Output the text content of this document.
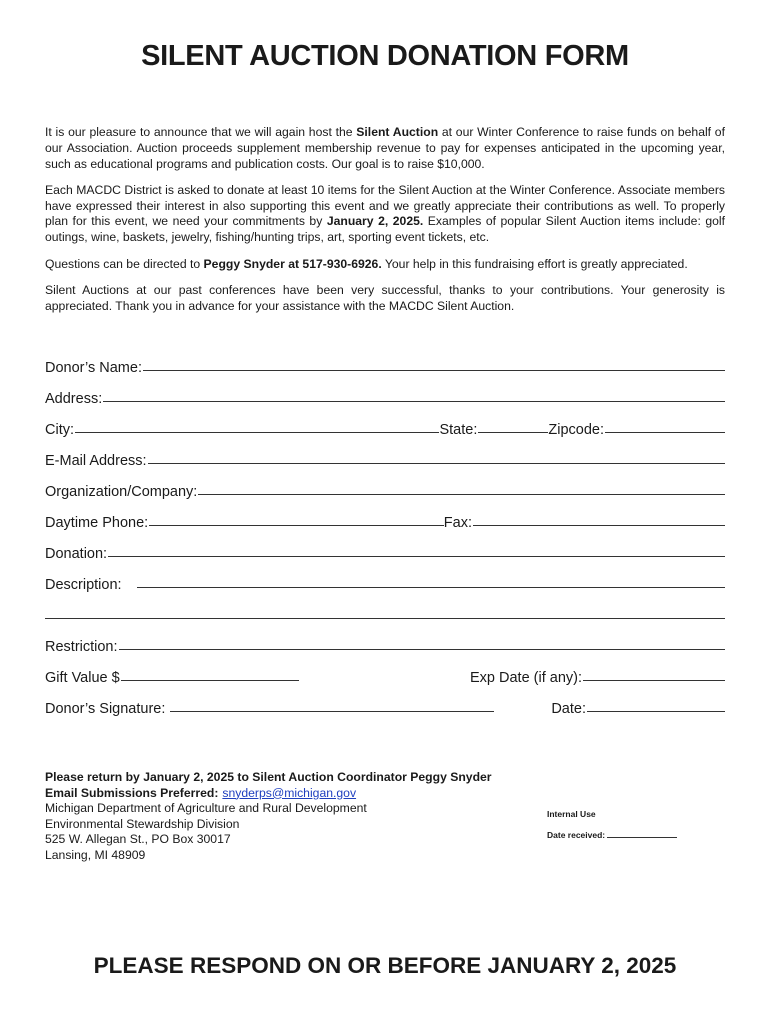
SILENT AUCTION DONATION FORM

It is our pleasure to announce that we will again host the Silent Auction at our Winter Conference to raise funds on behalf of our Association. Auction proceeds supplement membership revenue to pay for expenses anticipated in the upcoming year, such as educational programs and publication costs. Our goal is to raise $10,000.

Each MACDC District is asked to donate at least 10 items for the Silent Auction at the Winter Conference. Associate members have expressed their interest in also supporting this event and we greatly appreciate their contributions as well. To properly plan for this event, we need your commitments by January 2, 2025. Examples of popular Silent Auction items include: golf outings, wine, baskets, jewelry, fishing/hunting trips, art, sporting event tickets, etc.

Questions can be directed to Peggy Snyder at 517-930-6926. Your help in this fundraising effort is greatly appreciated.

Silent Auctions at our past conferences have been very successful, thanks to your contributions. Your generosity is appreciated. Thank you in advance for your assistance with the MACDC Silent Auction.

Donor’s Name:
Address:
City:	State:	Zipcode:
E-Mail Address:
Organization/Company:
Daytime Phone:	Fax:
Donation:
Description:
Restriction:
Gift Value $	Exp Date (if any):
Donor’s Signature:	Date:
Please return by January 2, 2025 to Silent Auction Coordinator Peggy Snyder
Email Submissions Preferred: snyderps@michigan.gov
Michigan Department of Agriculture and Rural Development
Environmental Stewardship Division
525 W. Allegan St., PO Box 30017
Lansing, MI 48909
Internal Use
Date received:
PLEASE RESPOND ON OR BEFORE JANUARY 2, 2025
